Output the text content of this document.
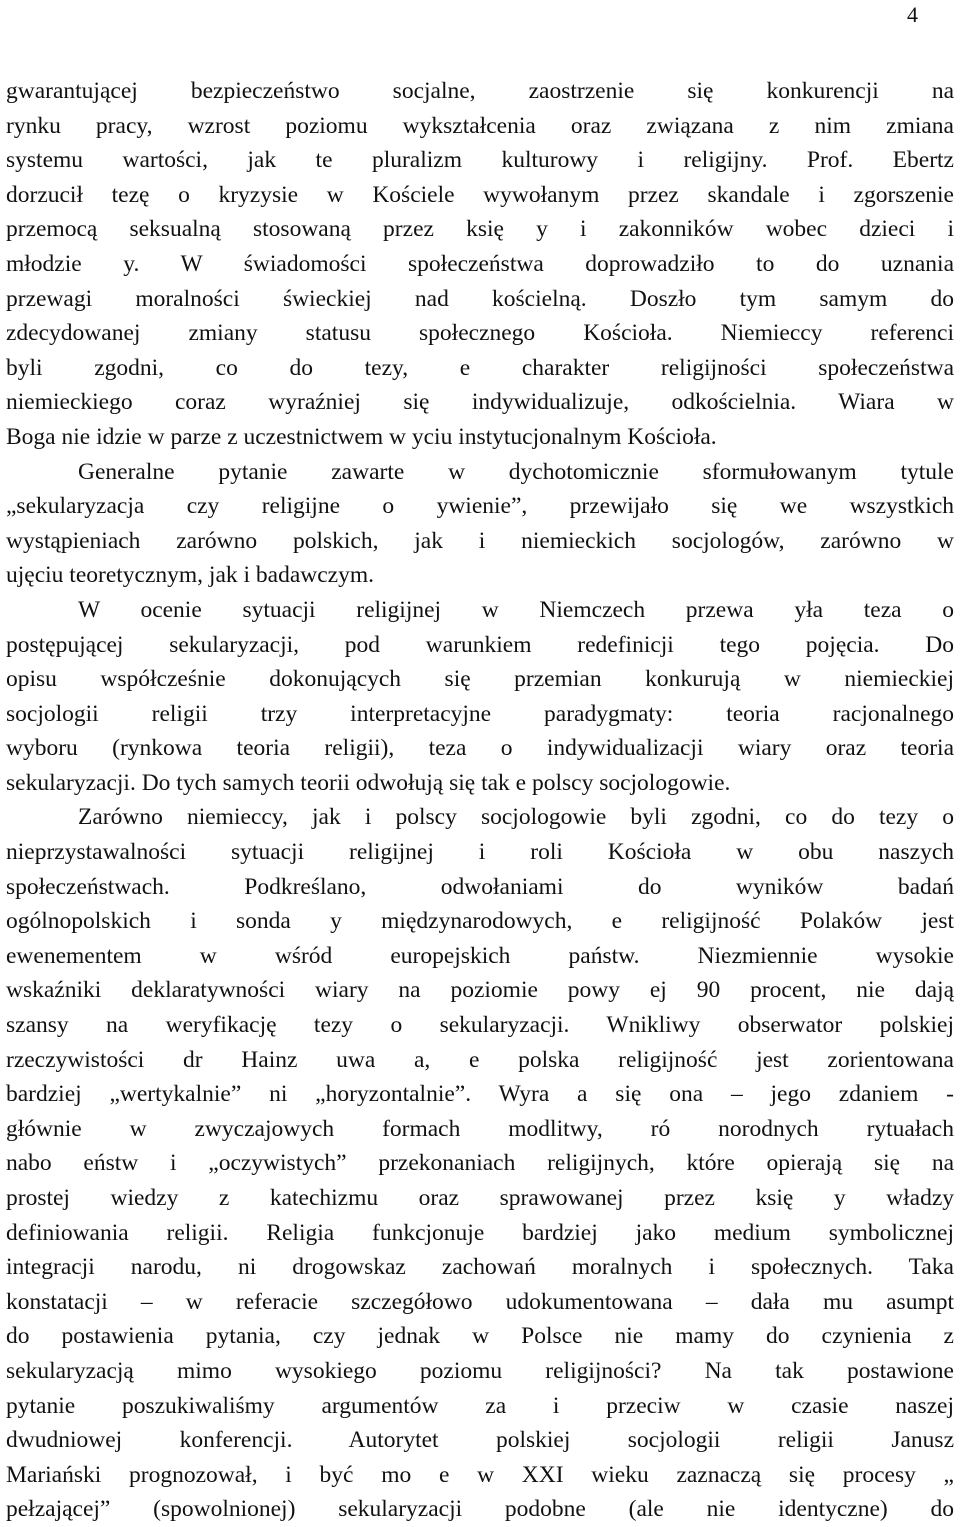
4
gwarantującej bezpieczeństwo socjalne, zaostrzenie się konkurencji na
rynku pracy, wzrost poziomu wykształcenia oraz związana z nim zmiana
systemu wartości, jak te pluralizm kulturowy i religijny. Prof. Ebertz
dorzucił tezę o kryzysie w Kościele wywołanym przez skandale i zgorszenie
przemocą seksualną stosowaną przez księ y i zakonników wobec dzieci i
młodzie y. W świadomości społeczeństwa doprowadziło to do uznania
przewagi moralności świeckiej nad kościelną. Doszło tym samym do
zdecydowanej zmiany statusu społecznego Kościoła. Niemieccy referenci
byli zgodni, co do tezy, e charakter religijności społeczeństwa
niemieckiego coraz wyraźniej się indywidualizuje, odkościelnia. Wiara w
Boga nie idzie w parze z uczestnictwem w yciu instytucjonalnym Kościoła.
Generalne pytanie zawarte w dychotomicznie sformułowanym tytule
„sekularyzacja czy religijne o ywienie”, przewijało się we wszystkich
wystąpieniach zarówno polskich, jak i niemieckich socjologów, zarówno w
ujęciu teoretycznym, jak i badawczym.
W ocenie sytuacji religijnej w Niemczech przewa yła teza o
postępującej sekularyzacji, pod warunkiem redefinicji tego pojęcia. Do
opisu współcześnie dokonujących się przemian konkurują w niemieckiej
socjologii religii trzy interpretacyjne paradygmaty: teoria racjonalnego
wyboru (rynkowa teoria religii), teza o indywidualizacji wiary oraz teoria
sekularyzacji. Do tych samych teorii odwołują się tak e polscy socjologowie.
Zarówno niemieccy, jak i polscy socjologowie byli zgodni, co do tezy o
nieprzystawalności sytuacji religijnej i roli Kościoła w obu naszych
społeczeństwach. Podkreślano, odwołaniami do wyników badań
ogólnopolskich i sonda y międzynarodowych, e religijność Polaków jest
ewenementem w wśród europejskich państw. Niezmiennie wysokie
wskaźniki deklaratywności wiary na poziomie powy ej 90 procent, nie dają
szansy na weryfikację tezy o sekularyzacji. Wnikliwy obserwator polskiej
rzeczywistości dr Hainz uwa a, e polska religijność jest zorientowana
bardziej „wertykalnie” ni „horyzontalnie”. Wyra a się ona – jego zdaniem -
głównie w zwyczajowych formach modlitwy, ró norodnych rytuałach
nabo eństw i „oczywistych” przekonaniach religijnych, które opierają się na
prostej wiedzy z katechizmu oraz sprawowanej przez księ y władzy
definiowania religii. Religia funkcjonuje bardziej jako medium symbolicznej
integracji narodu, ni drogowskaz zachowań moralnych i społecznych. Taka
konstatacji – w referacie szczegółowo udokumentowana – dała mu asumpt
do postawienia pytania, czy jednak w Polsce nie mamy do czynienia z
sekularyzacją mimo wysokiego poziomu religijności? Na tak postawione
pytanie poszukiwaliśmy argumentów za i przeciw w czasie naszej
dwudniowej konferencji. Autorytet polskiej socjologii religii Janusz
Mariański prognozował, i być mo e w XXI wieku zaznaczą się procesy „
pełzającej” (spowolnionej) sekularyzacji podobne (ale nie identyczne) do
